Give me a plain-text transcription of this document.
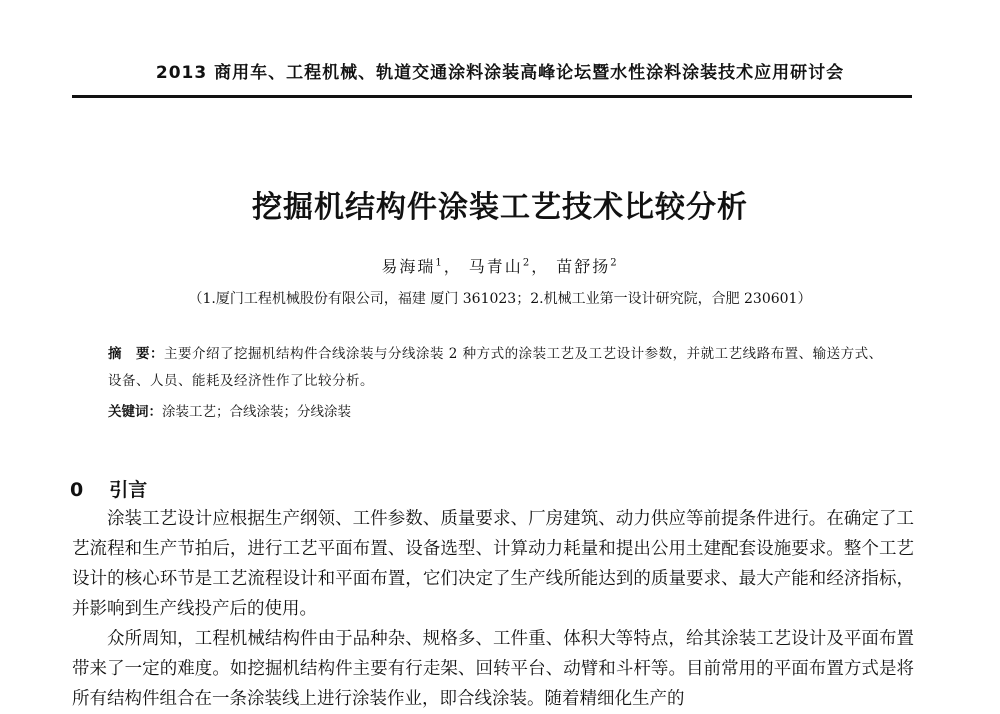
2013 商用车、工程机械、轨道交通涂料涂装高峰论坛暨水性涂料涂装技术应用研讨会
挖掘机结构件涂装工艺技术比较分析
易海瑞$^1$， 马青山$^2$， 苗舒扬$^2$
（1.厦门工程机械股份有限公司，福建 厦门 361023；2.机械工业第一设计研究院，合肥 230601）
摘　要：主要介绍了挖掘机结构件合线涂装与分线涂装 2 种方式的涂装工艺及工艺设计参数，并就工艺线路布置、输送方式、设备、人员、能耗及经济性作了比较分析。
关键词：涂装工艺；合线涂装；分线涂装
0 引言

涂装工艺设计应根据生产纲领、工件参数、质量要求、厂房建筑、动力供应等前提条件进行。在确定了工艺流程和生产节拍后，进行工艺平面布置、设备选型、计算动力耗量和提出公用土建配套设施要求。整个工艺设计的核心环节是工艺流程设计和平面布置，它们决定了生产线所能达到的质量要求、最大产能和经济指标，并影响到生产线投产后的使用。

众所周知，工程机械结构件由于品种杂、规格多、工件重、体积大等特点，给其涂装工艺设计及平面布置带来了一定的难度。如挖掘机结构件主要有行走架、回转平台、动臂和斗杆等。目前常用的平面布置方式是将所有结构件组合在一条涂装线上进行涂装作业，即合线涂装。随着精细化生产的
